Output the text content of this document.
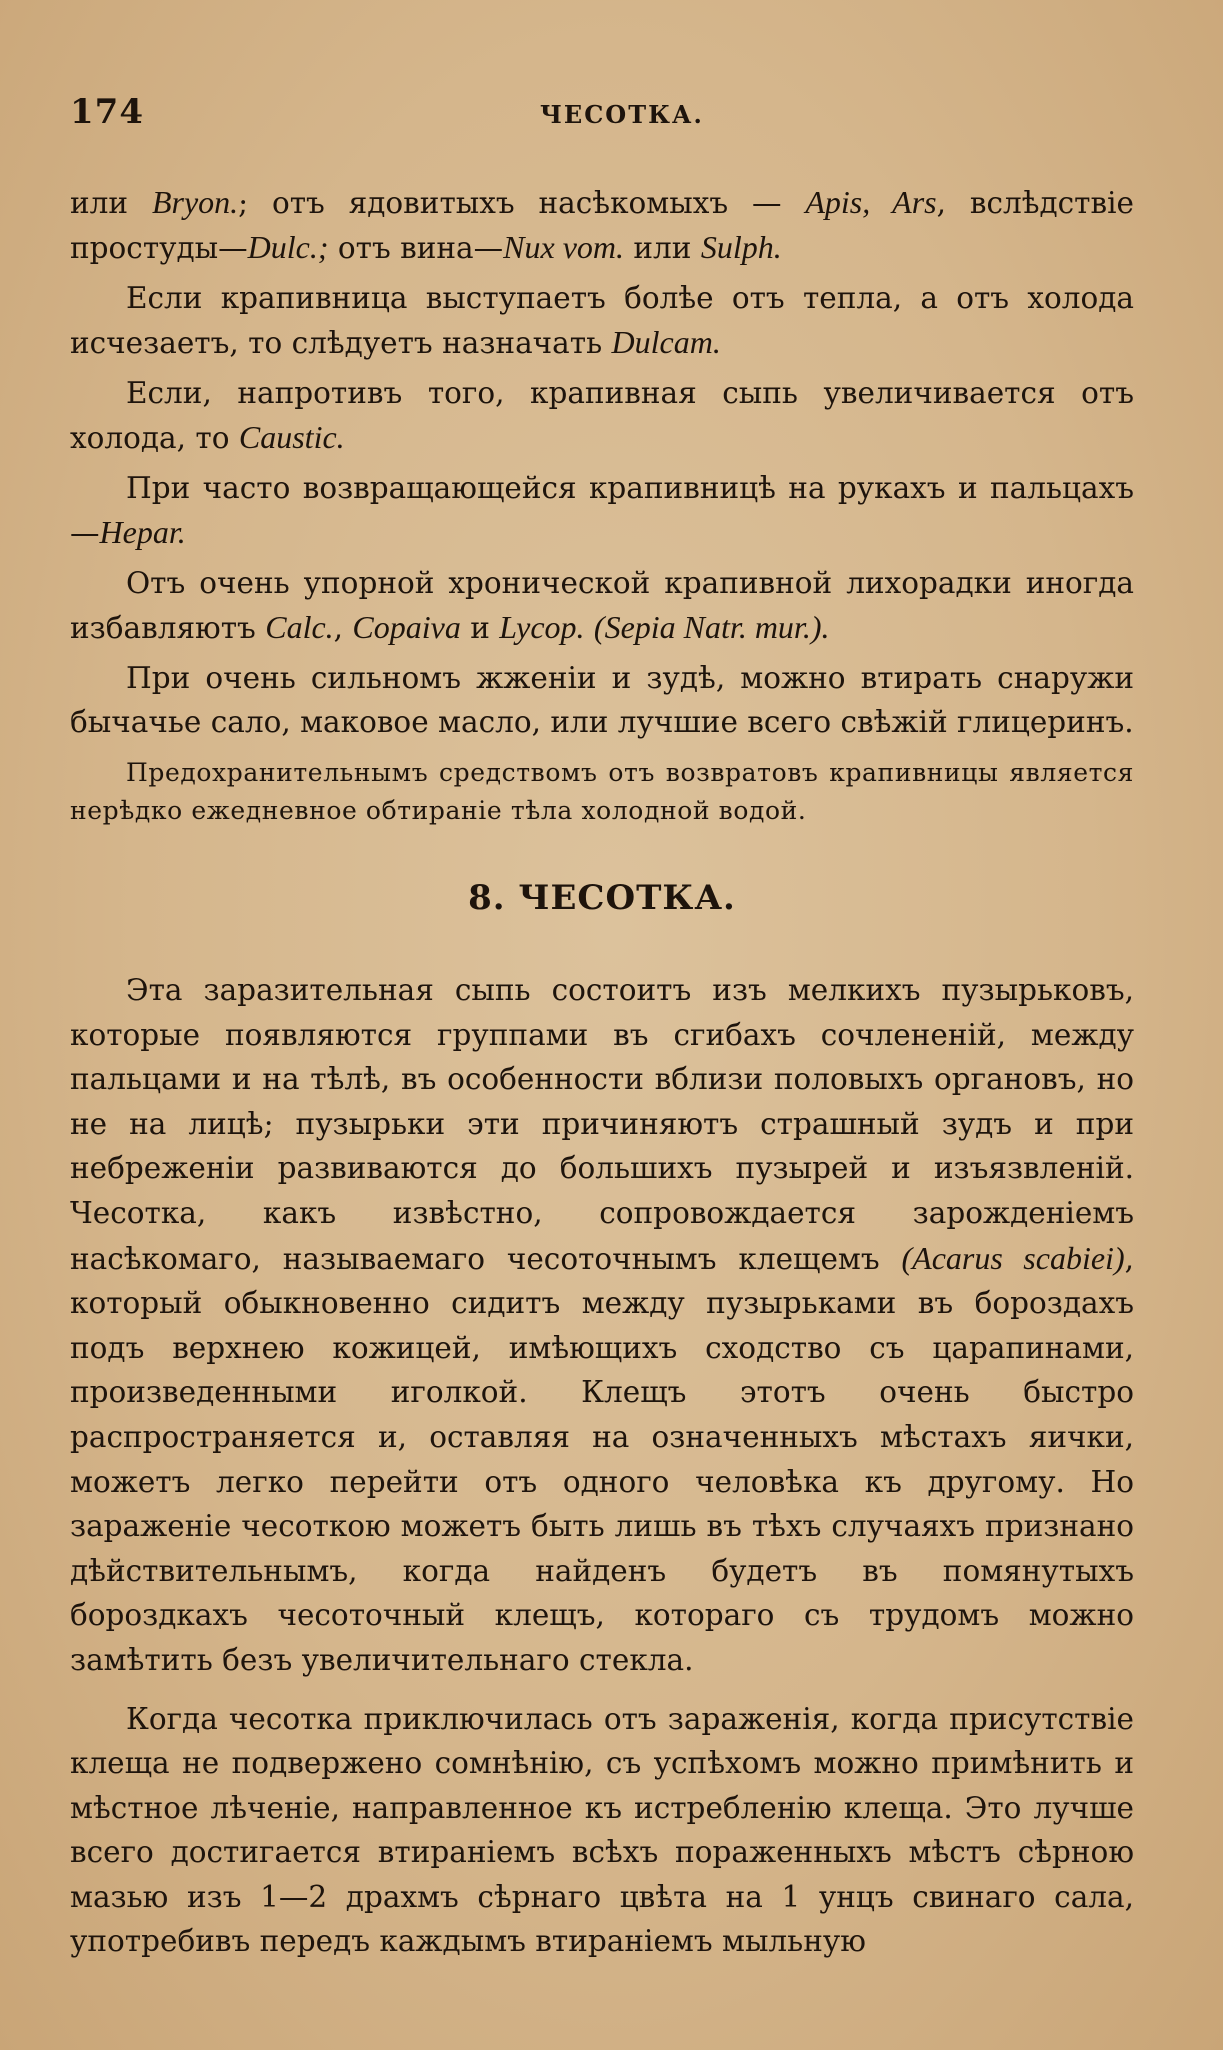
174	ЧЕСОТКА.

или Bryon.; отъ ядовитыхъ насѣкомыхъ — Apis, Ars, вслѣдствіе простуды—Dulc.; отъ вина—Nux vom. или Sulph.

Если крапивница выступаетъ болѣе отъ тепла, а отъ холода исчезаетъ, то слѣдуетъ назначать Dulcam.

Если, напротивъ того, крапивная сыпь увеличивается отъ холода, то Caustic.

При часто возвращающейся крапивницѣ на рукахъ и пальцахъ—Hepar.

Отъ очень упорной хронической крапивной лихорадки иногда избавляютъ Calc., Copaiva и Lycop. (Sepia Natr. mur.).

При очень сильномъ жженіи и зудѣ, можно втирать снаружи бычачье сало, маковое масло, или лучшие всего свѣжій глицеринъ.

Предохранительнымъ средствомъ отъ возвратовъ крапивницы является нерѣдко ежедневное обтираніе тѣла холодной водой.

8. ЧЕСОТКА.

Эта заразительная сыпь состоитъ изъ мелкихъ пузырьковъ, которые появляются группами въ сгибахъ сочлененій, между пальцами и на тѣлѣ, въ особенности вблизи половыхъ органовъ, но не на лицѣ; пузырьки эти причиняютъ страшный зудъ и при небреженіи развиваются до большихъ пузырей и изъязвленій. Чесотка, какъ извѣстно, сопровождается зарожденіемъ насѣкомаго, называемаго чесоточнымъ клещемъ (Acarus scabiei), который обыкновенно сидитъ между пузырьками въ бороздахъ подъ верхнею кожицей, имѣющихъ сходство съ царапинами, произведенными иголкой. Клещъ этотъ очень быстро распространяется и, оставляя на означенныхъ мѣстахъ яички, можетъ легко перейти отъ одного человѣка къ другому. Но зараженіе чесоткою можетъ быть лишь въ тѣхъ случаяхъ признано дѣйствительнымъ, когда найденъ будетъ въ помянутыхъ бороздкахъ чесоточный клещъ, котораго съ трудомъ можно замѣтить безъ увеличительнаго стекла.

Когда чесотка приключилась отъ зараженія, когда присутствіе клеща не подвержено сомнѣнію, съ успѣхомъ можно примѣнить и мѣстное лѣченіе, направленное къ истребленію клеща. Это лучше всего достигается втираніемъ всѣхъ пораженныхъ мѣстъ сѣрною мазью изъ 1—2 драхмъ сѣрнаго цвѣта на 1 унцъ свинаго сала, употребивъ передъ каждымъ втираніемъ мыльную
